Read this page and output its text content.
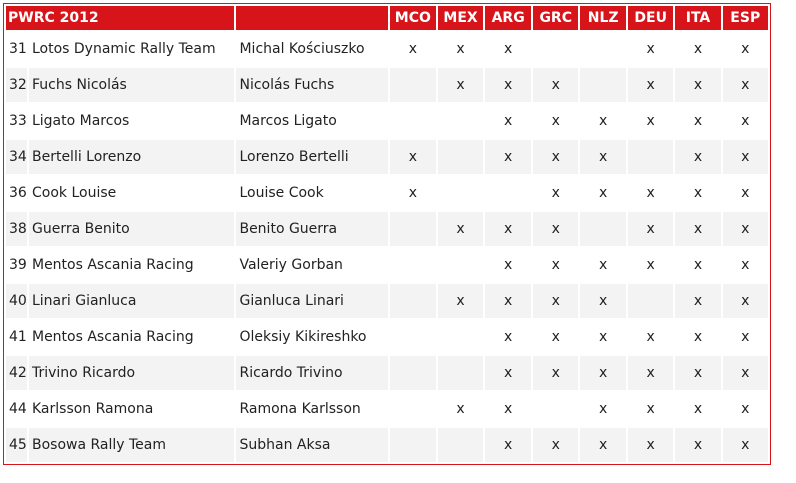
PWRC 2012			MCO	MEX	ARG	GRC	NLZ	DEU	ITA	ESP
31	Lotos Dynamic Rally Team	Michal Kościuszko	x	x	x			x	x	x
32	Fuchs Nicolás	Nicolás Fuchs		x	x	x		x	x	x
33	Ligato Marcos	Marcos Ligato			x	x	x	x	x	x
34	Bertelli Lorenzo	Lorenzo Bertelli	x		x	x	x		x	x
36	Cook Louise	Louise Cook	x			x	x	x	x	x
38	Guerra Benito	Benito Guerra		x	x	x		x	x	x
39	Mentos Ascania Racing	Valeriy Gorban			x	x	x	x	x	x
40	Linari Gianluca	Gianluca Linari		x	x	x	x		x	x
41	Mentos Ascania Racing	Oleksiy Kikireshko			x	x	x	x	x	x
42	Trivino Ricardo	Ricardo Trivino			x	x	x	x	x	x
44	Karlsson Ramona	Ramona Karlsson		x	x		x	x	x	x
45	Bosowa Rally Team	Subhan Aksa			x	x	x	x	x	x
